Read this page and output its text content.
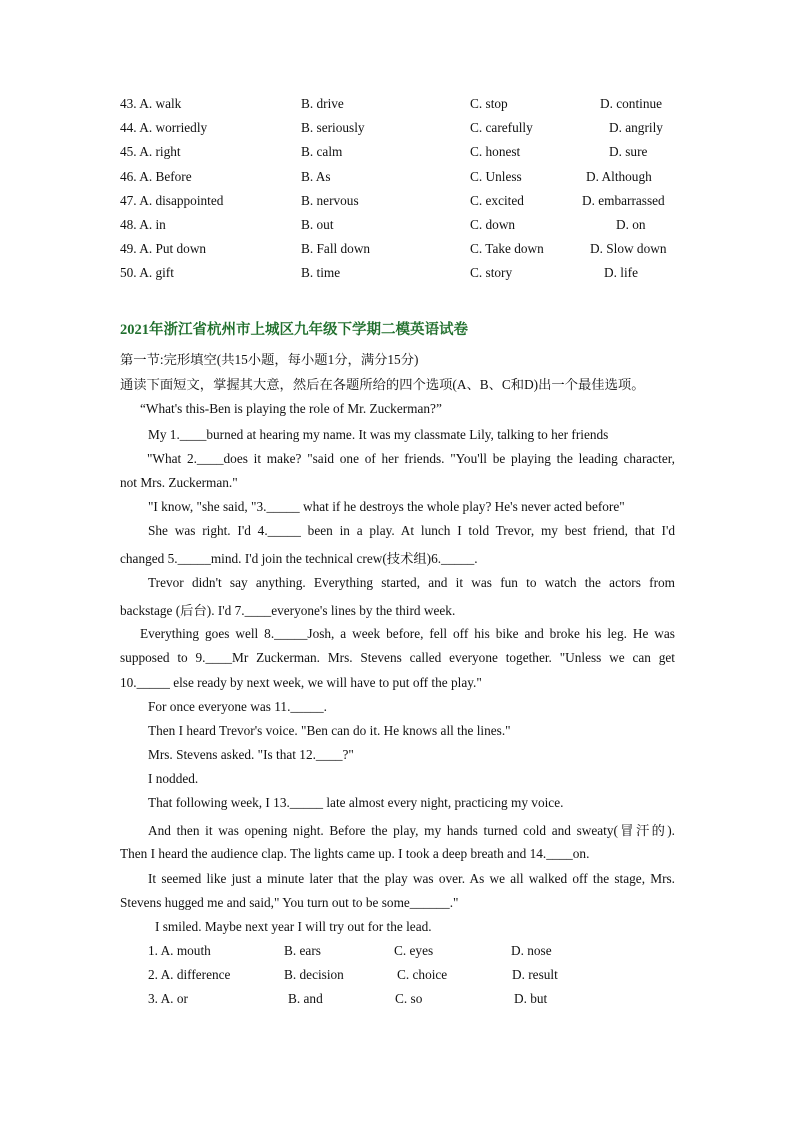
43. A. walk	B. drive	C. stop	D. continue
44. A. worriedly	B. seriously	C. carefully	D. angrily
45. A. right	B. calm	C. honest	D. sure
46. A. Before	B. As	C. Unless	D. Although
47. A. disappointed	B. nervous	C. excited	D. embarrassed
48. A. in	B. out	C. down	D. on
49. A. Put down	B. Fall down	C. Take down	D. Slow down
50. A. gift	B. time	C. story	D. life
2021年浙江省杭州市上城区九年级下学期二模英语试卷
第一节:完形填空(共15小题，每小题1分，满分15分)
通读下面短文，掌握其大意，然后在各题所给的四个选项(A、B、C和D)出一个最佳选项。
“What's this-Ben is playing the role of Mr. Zuckerman?”
My 1.____burned at hearing my name. It was my classmate Lily, talking to her friends
"What 2.____does it make? "said one of her friends. "You'll be playing the leading character,
not Mrs. Zuckerman."
"I know, "she said, "3._____ what if he destroys the whole play? He's never acted before"
She was right. I'd 4._____ been in a play. At lunch I told Trevor, my best friend, that I'd
changed 5._____mind. I'd join the technical crew(技术组)6._____.
Trevor didn't say anything. Everything started, and it was fun to watch the actors from
backstage (后台). I'd 7.____everyone's lines by the third week.
Everything goes well 8._____Josh, a week before, fell off his bike and broke his leg. He was
supposed to 9.____Mr Zuckerman. Mrs. Stevens called everyone together. "Unless we can get
10._____ else ready by next week, we will have to put off the play."
For once everyone was 11._____.
Then I heard Trevor's voice. "Ben can do it. He knows all the lines."
Mrs. Stevens asked. "Is that 12.____?"
I nodded.
That following week, I 13._____ late almost every night, practicing my voice.
And then it was opening night. Before the play, my hands turned cold and sweaty(冒汗的).
Then I heard the audience clap. The lights came up. I took a deep breath and 14.____on.
It seemed like just a minute later that the play was over. As we all walked off the stage, Mrs.
Stevens hugged me and said," You turn out to be some______."
I smiled. Maybe next year I will try out for the lead.
1. A. mouth	B. ears	C. eyes	D. nose
2. A. difference	B. decision	C. choice	D. result
3. A. or	B. and	C. so	D. but
